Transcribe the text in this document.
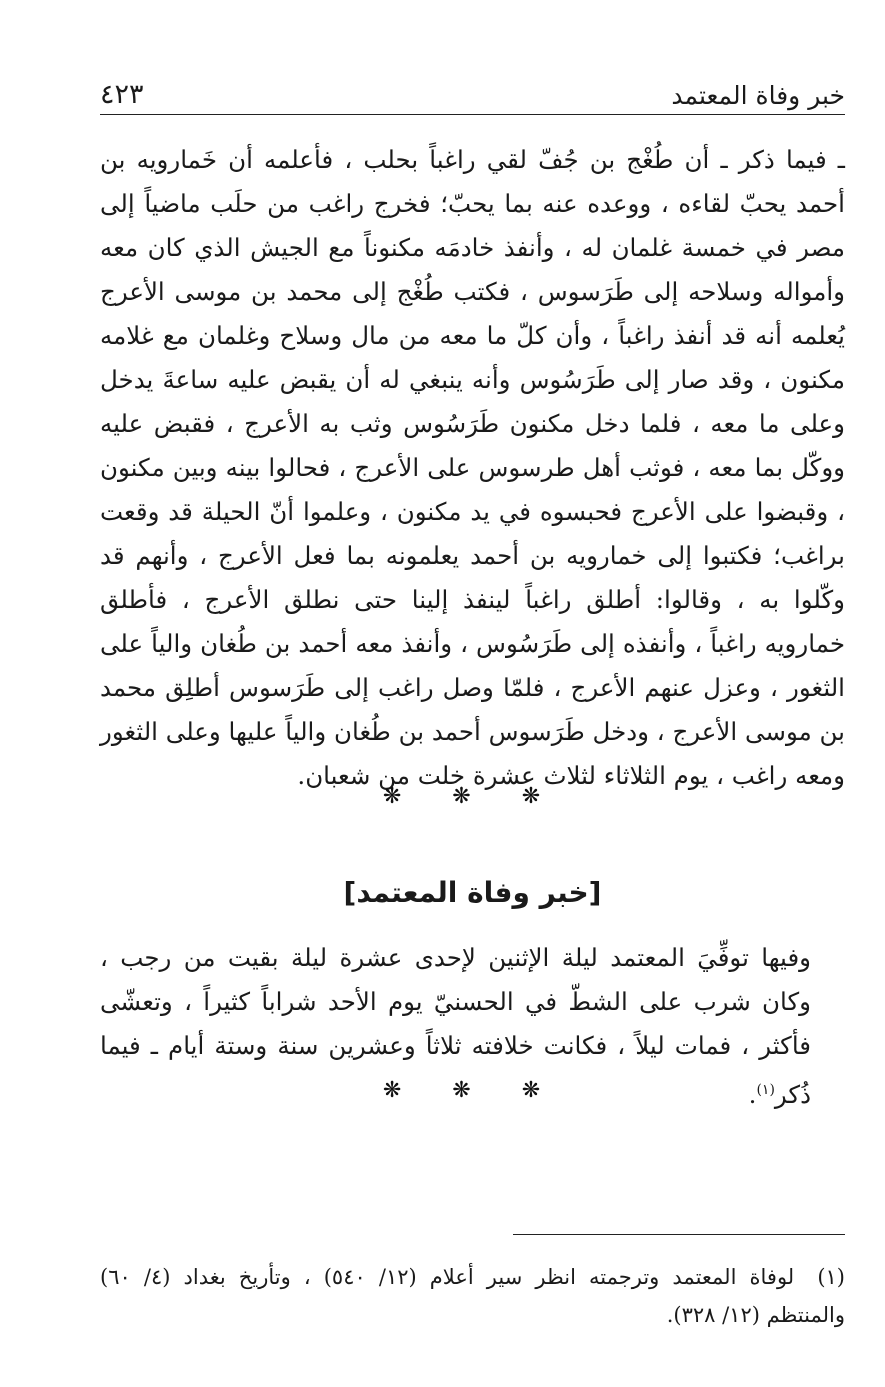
خبر وفاة المعتمد
٤٢٣

ـ فيما ذكر ـ أن طُغْج بن جُفّ لقي راغباً بحلب ، فأعلمه أن خَمارويه بن أحمد يحبّ لقاءه ، ووعده عنه بما يحبّ؛ فخرج راغب من حلَب ماضياً إلى مصر في خمسة غلمان له ، وأنفذ خادمَه مكنوناً مع الجيش الذي كان معه وأمواله وسلاحه إلى طَرَسوس ، فكتب طُغْج إلى محمد بن موسى الأعرج يُعلمه أنه قد أنفذ راغباً ، وأن كلّ ما معه من مال وسلاح وغلمان مع غلامه مكنون ، وقد صار إلى طَرَسُوس وأنه ينبغي له أن يقبض عليه ساعةَ يدخل وعلى ما معه ، فلما دخل مكنون طَرَسُوس وثب به الأعرج ، فقبض عليه ووكّل بما معه ، فوثب أهل طرسوس على الأعرج ، فحالوا بينه وبين مكنون ، وقبضوا على الأعرج فحبسوه في يد مكنون ، وعلموا أنّ الحيلة قد وقعت براغب؛ فكتبوا إلى خمارويه بن أحمد يعلمونه بما فعل الأعرج ، وأنهم قد وكّلوا به ، وقالوا: أطلق راغباً لينفذ إلينا حتى نطلق الأعرج ، فأطلق خمارويه راغباً ، وأنفذه إلى طَرَسُوس ، وأنفذ معه أحمد بن طُغان والياً على الثغور ، وعزل عنهم الأعرج ، فلمّا وصل راغب إلى طَرَسوس أطلِق محمد بن موسى الأعرج ، ودخل طَرَسوس أحمد بن طُغان والياً عليها وعلى الثغور ومعه راغب ، يوم الثلاثاء لثلاث عشرة خلت من شعبان.

❋ ❋ ❋
[خبر وفاة المعتمد]

وفيها توفِّيَ المعتمد ليلة الإثنين لإحدى عشرة ليلة بقيت من رجب ، وكان شرب على الشطّ في الحسنيّ يوم الأحد شراباً كثيراً ، وتعشّى فأكثر ، فمات ليلاً ، فكانت خلافته ثلاثاً وعشرين سنة وستة أيام ـ فيما ذُكر$^{(١)}$.

❋ ❋ ❋
(١) لوفاة المعتمد وترجمته انظر سير أعلام (١٢/ ٥٤٠) ، وتأريخ بغداد (٤/ ٦٠) والمنتظم (١٢/ ٣٢٨).
